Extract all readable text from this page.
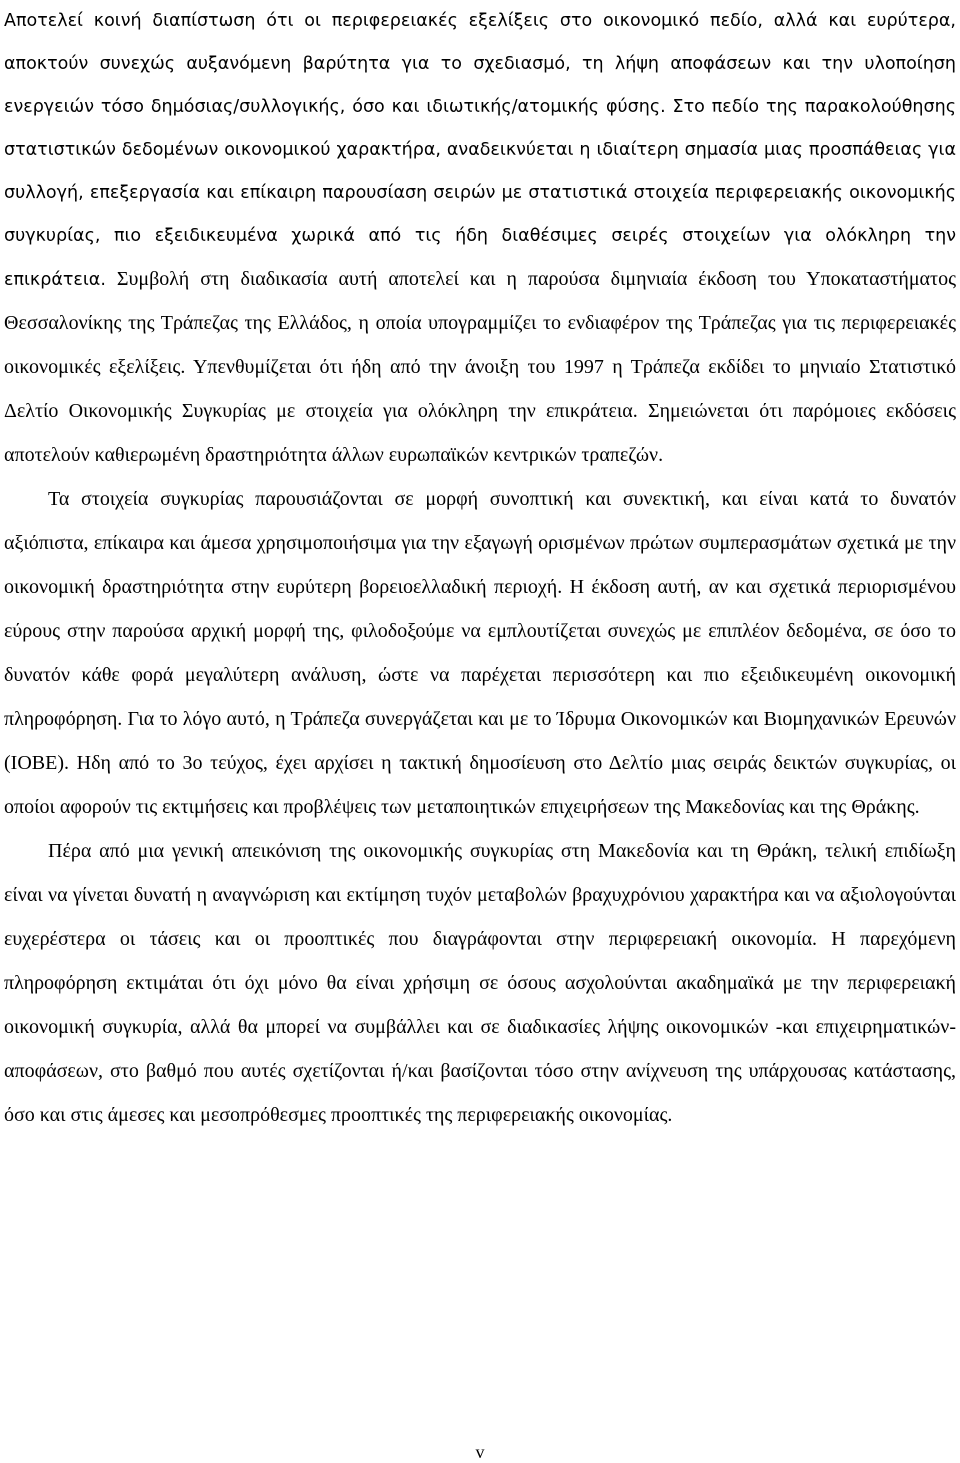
Αποτελεί κοινή διαπίστωση ότι οι περιφερειακές εξελίξεις στο οικονομικό πεδίο, αλλά και ευρύτερα, αποκτούν συνεχώς αυξανόμενη βαρύτητα για το σχεδιασμό, τη λήψη αποφάσεων και την υλοποίηση ενεργειών τόσο δημόσιας/συλλογικής, όσο και ιδιωτικής/ατομικής φύσης. Στο πεδίο της παρακολούθησης στατιστικών δεδομένων οικονομικού χαρακτήρα, αναδεικνύεται η ιδιαίτερη σημασία μιας προσπάθειας για συλλογή, επεξεργασία και επίκαιρη παρουσίαση σειρών με στατιστικά στοιχεία περιφερειακής οικονομικής συγκυρίας, πιο εξειδικευμένα χωρικά από τις ήδη διαθέσιμες σειρές στοιχείων για ολόκληρη την επικράτεια. Συμβολή στη διαδικασία αυτή αποτελεί και η παρούσα διμηνιαία έκδοση του Υποκαταστήματος Θεσσαλονίκης της Τράπεζας της Ελλάδος, η οποία υπογραμμίζει το ενδιαφέρον της Τράπεζας για τις περιφερειακές οικονομικές εξελίξεις. Υπενθυμίζεται ότι ήδη από την άνοιξη του 1997 η Τράπεζα εκδίδει το μηνιαίο Στατιστικό Δελτίο Οικονομικής Συγκυρίας με στοιχεία για ολόκληρη την επικράτεια. Σημειώνεται ότι παρόμοιες εκδόσεις αποτελούν καθιερωμένη δραστηριότητα άλλων ευρωπαϊκών κεντρικών τραπεζών.

Τα στοιχεία συγκυρίας παρουσιάζονται σε μορφή συνοπτική και συνεκτική, και είναι κατά το δυνατόν αξιόπιστα, επίκαιρα και άμεσα χρησιμοποιήσιμα για την εξαγωγή ορισμένων πρώτων συμπερασμάτων σχετικά με την οικονομική δραστηριότητα στην ευρύτερη βορειοελλαδική περιοχή. Η έκδοση αυτή, αν και σχετικά περιορισμένου εύρους στην παρούσα αρχική μορφή της, φιλοδοξούμε να εμπλουτίζεται συνεχώς με επιπλέον δεδομένα, σε όσο το δυνατόν κάθε φορά μεγαλύτερη ανάλυση, ώστε να παρέχεται περισσότερη και πιο εξειδικευμένη οικονομική πληροφόρηση. Για το λόγο αυτό, η Τράπεζα συνεργάζεται και με το Ίδρυμα Οικονομικών και Βιομηχανικών Ερευνών (ΙΟΒΕ). Ηδη από το 3ο τεύχος, έχει αρχίσει η τακτική δημοσίευση στο Δελτίο μιας σειράς δεικτών συγκυρίας, οι οποίοι αφορούν τις εκτιμήσεις και προβλέψεις των μεταποιητικών επιχειρήσεων της Μακεδονίας και της Θράκης.

Πέρα από μια γενική απεικόνιση της οικονομικής συγκυρίας στη Μακεδονία και τη Θράκη, τελική επιδίωξη είναι να γίνεται δυνατή η αναγνώριση και εκτίμηση τυχόν μεταβολών βραχυχρόνιου χαρακτήρα και να αξιολογούνται ευχερέστερα οι τάσεις και οι προοπτικές που διαγράφονται στην περιφερειακή οικονομία. Η παρεχόμενη πληροφόρηση εκτιμάται ότι όχι μόνο θα είναι χρήσιμη σε όσους ασχολούνται ακαδημαϊκά με την περιφερειακή οικονομική συγκυρία, αλλά θα μπορεί να συμβάλλει και σε διαδικασίες λήψης οικονομικών -και επιχειρηματικών-αποφάσεων, στο βαθμό που αυτές σχετίζονται ή/και βασίζονται τόσο στην ανίχνευση της υπάρχουσας κατάστασης, όσο και στις άμεσες και μεσοπρόθεσμες προοπτικές της περιφερειακής οικονομίας.

v
